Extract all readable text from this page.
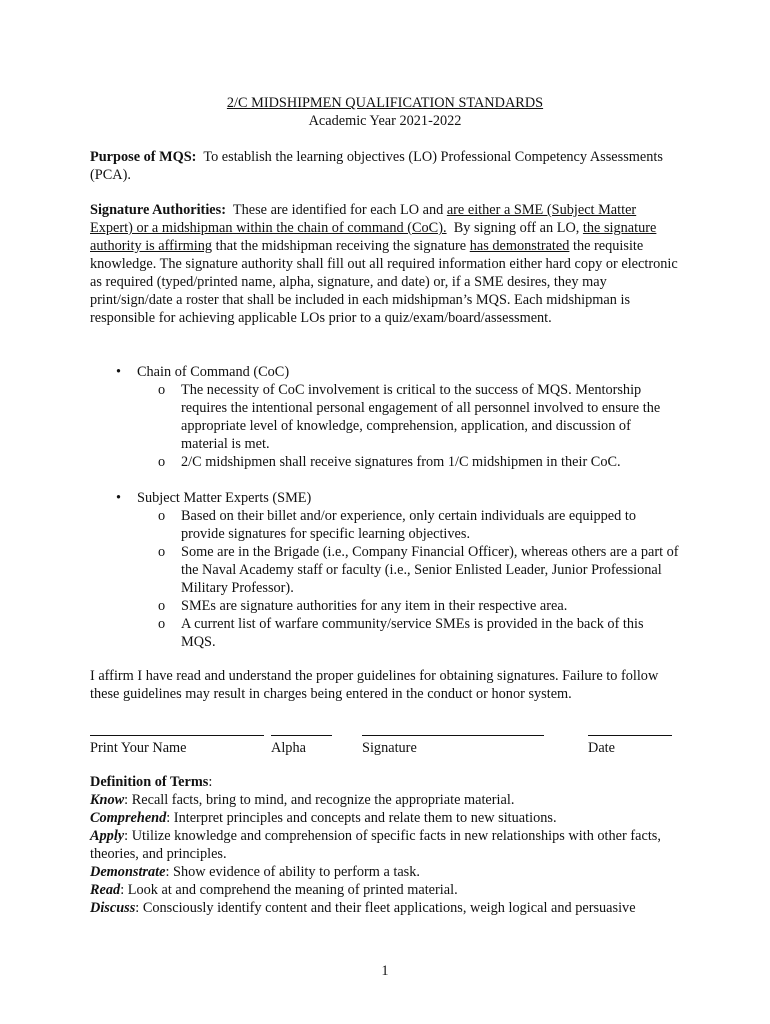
2/C MIDSHIPMEN QUALIFICATION STANDARDS
Academic Year 2021-2022
Purpose of MQS: To establish the learning objectives (LO) Professional Competency Assessments (PCA).
Signature Authorities: These are identified for each LO and are either a SME (Subject Matter Expert) or a midshipman within the chain of command (CoC). By signing off an LO, the signature authority is affirming that the midshipman receiving the signature has demonstrated the requisite knowledge. The signature authority shall fill out all required information either hard copy or electronic as required (typed/printed name, alpha, signature, and date) or, if a SME desires, they may print/sign/date a roster that shall be included in each midshipman’s MQS. Each midshipman is responsible for achieving applicable LOs prior to a quiz/exam/board/assessment.
• Chain of Command (CoC)
o The necessity of CoC involvement is critical to the success of MQS. Mentorship requires the intentional personal engagement of all personnel involved to ensure the appropriate level of knowledge, comprehension, application, and discussion of material is met.
o 2/C midshipmen shall receive signatures from 1/C midshipmen in their CoC.
• Subject Matter Experts (SME)
o Based on their billet and/or experience, only certain individuals are equipped to provide signatures for specific learning objectives.
o Some are in the Brigade (i.e., Company Financial Officer), whereas others are a part of the Naval Academy staff or faculty (i.e., Senior Enlisted Leader, Junior Professional Military Professor).
o SMEs are signature authorities for any item in their respective area.
o A current list of warfare community/service SMEs is provided in the back of this MQS.
I affirm I have read and understand the proper guidelines for obtaining signatures. Failure to follow these guidelines may result in charges being entered in the conduct or honor system.
Print Your Name	Alpha	Signature	Date
Definition of Terms:
Know: Recall facts, bring to mind, and recognize the appropriate material.
Comprehend: Interpret principles and concepts and relate them to new situations.
Apply: Utilize knowledge and comprehension of specific facts in new relationships with other facts, theories, and principles.
Demonstrate: Show evidence of ability to perform a task.
Read: Look at and comprehend the meaning of printed material.
Discuss: Consciously identify content and their fleet applications, weigh logical and persuasive
1
